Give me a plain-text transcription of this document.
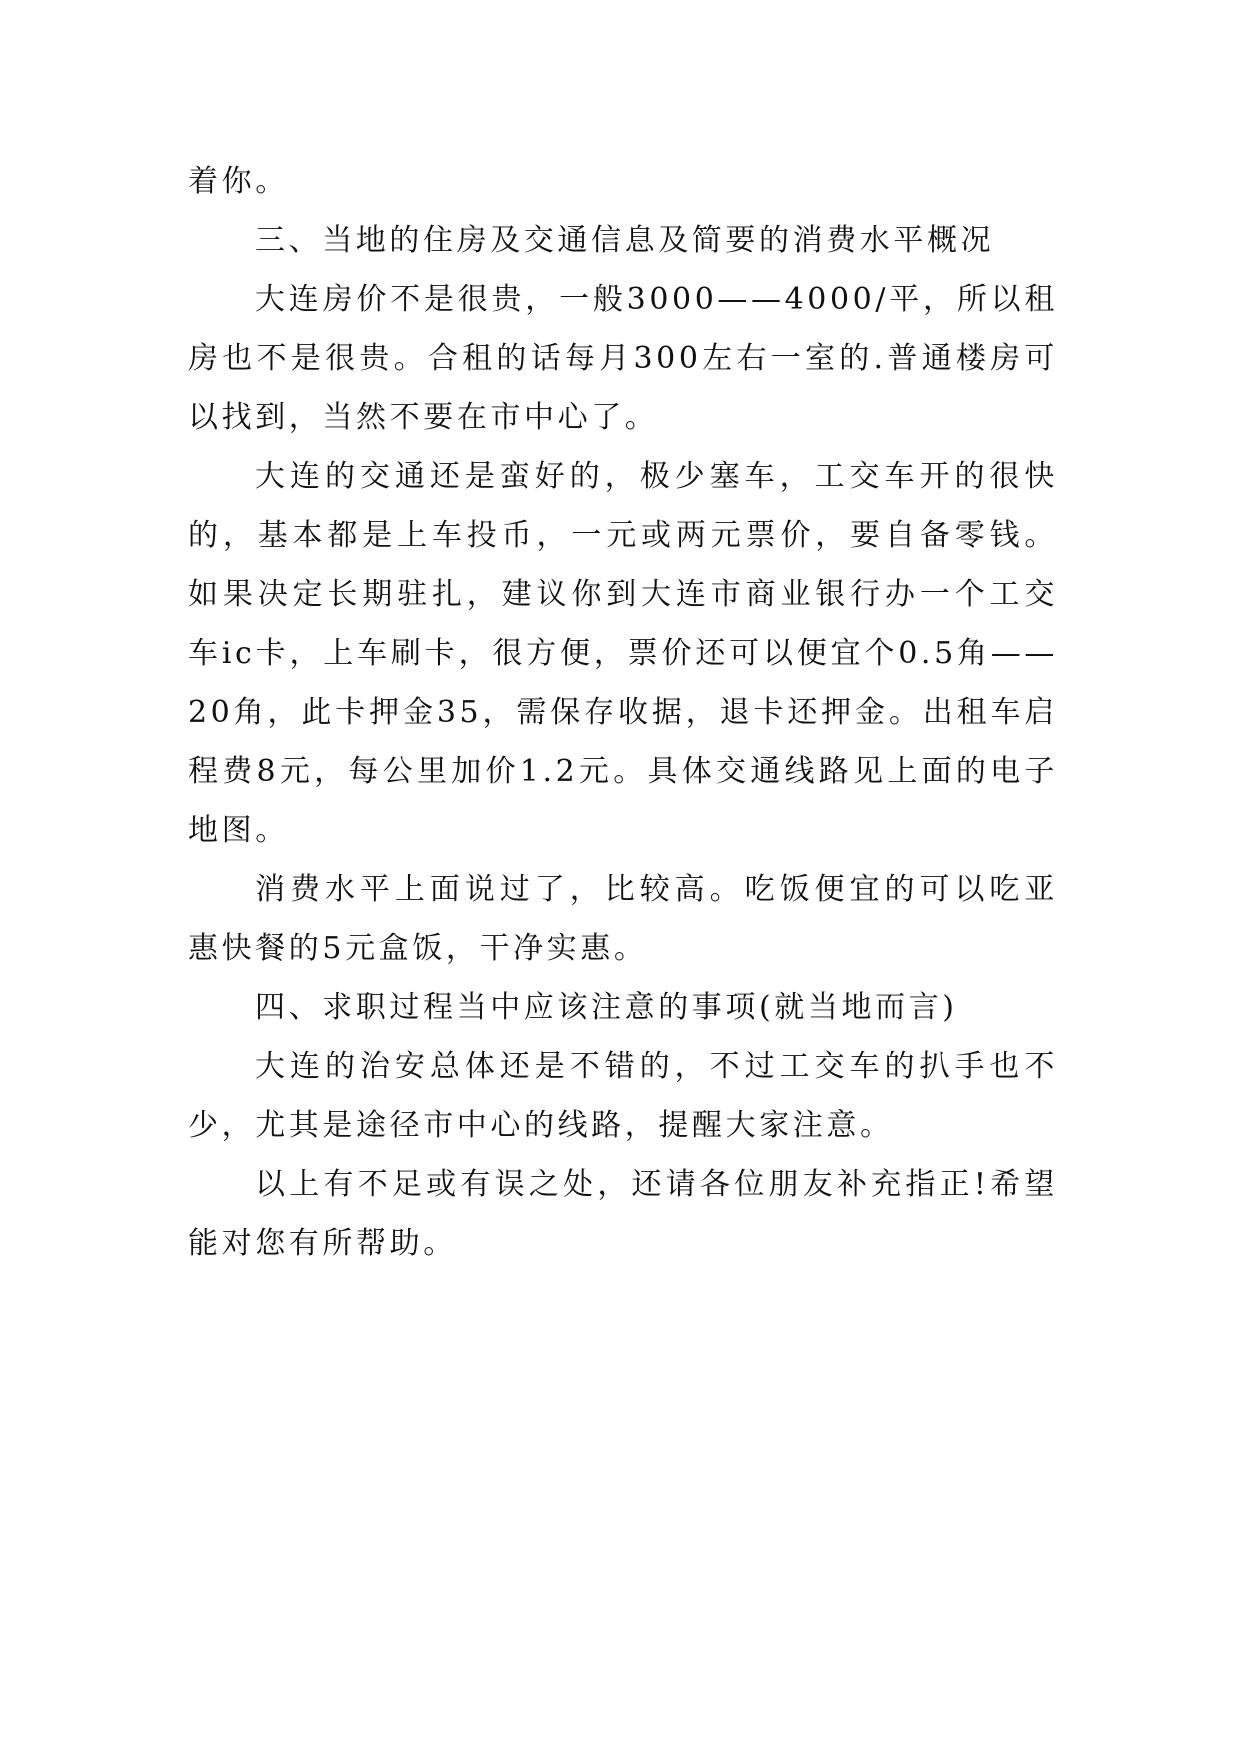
着你。

三、当地的住房及交通信息及简要的消费水平概况

大连房价不是很贵，一般3000——4000/平，所以租房也不是很贵。合租的话每月300左右一室的.普通楼房可以找到，当然不要在市中心了。

大连的交通还是蛮好的，极少塞车，工交车开的很快的，基本都是上车投币，一元或两元票价，要自备零钱。如果决定长期驻扎，建议你到大连市商业银行办一个工交车ic卡，上车刷卡，很方便，票价还可以便宜个0.5角——20角，此卡押金35，需保存收据，退卡还押金。出租车启程费8元，每公里加价1.2元。具体交通线路见上面的电子地图。

消费水平上面说过了，比较高。吃饭便宜的可以吃亚惠快餐的5元盒饭，干净实惠。

四、求职过程当中应该注意的事项(就当地而言)

大连的治安总体还是不错的，不过工交车的扒手也不少，尤其是途径市中心的线路，提醒大家注意。

以上有不足或有误之处，还请各位朋友补充指正!希望能对您有所帮助。
